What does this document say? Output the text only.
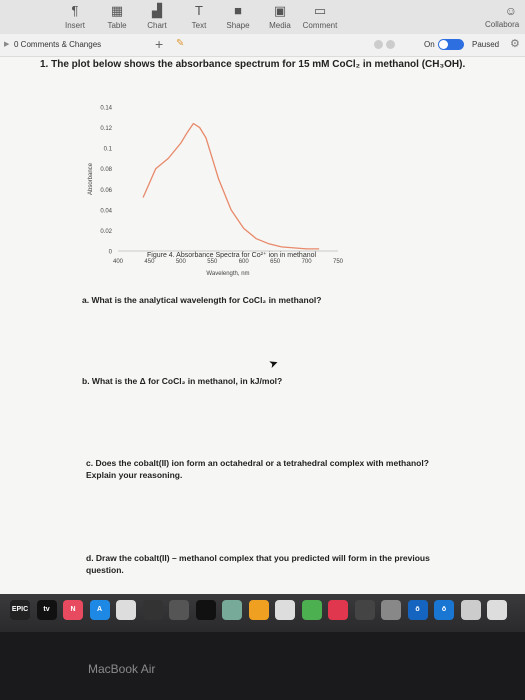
¶
Insert
▦
Table
▟
Chart
T
Text
■
Shape
▣
Media
▭
Comment
☺
Collabora
▶ 0 Comments & Changes	+ ✎	On	Paused ⚙
1. The plot below shows the absorbance spectrum for 15 mM CoCl₂ in methanol (CH₃OH).
0
0.02
0.04
0.06
0.08
0.1
0.12
0.14
400	450	500	550	600	650	700	750
Wavelength, nm
Absorbance
Figure 4. Absorbance Spectra for Co²⁺ ion in methanol
a. What is the analytical wavelength for CoCl₂ in methanol?
➤
b. What is the Δ for CoCl₂ in methanol, in kJ/mol?
c. Does the cobalt(II) ion form an octahedral or a tetrahedral complex with methanol? Explain your reasoning.
d. Draw the cobalt(II) – methanol complex that you predicted will form in the previous question.
EPIC	tv	N	A	ō	ō
MacBook Air
